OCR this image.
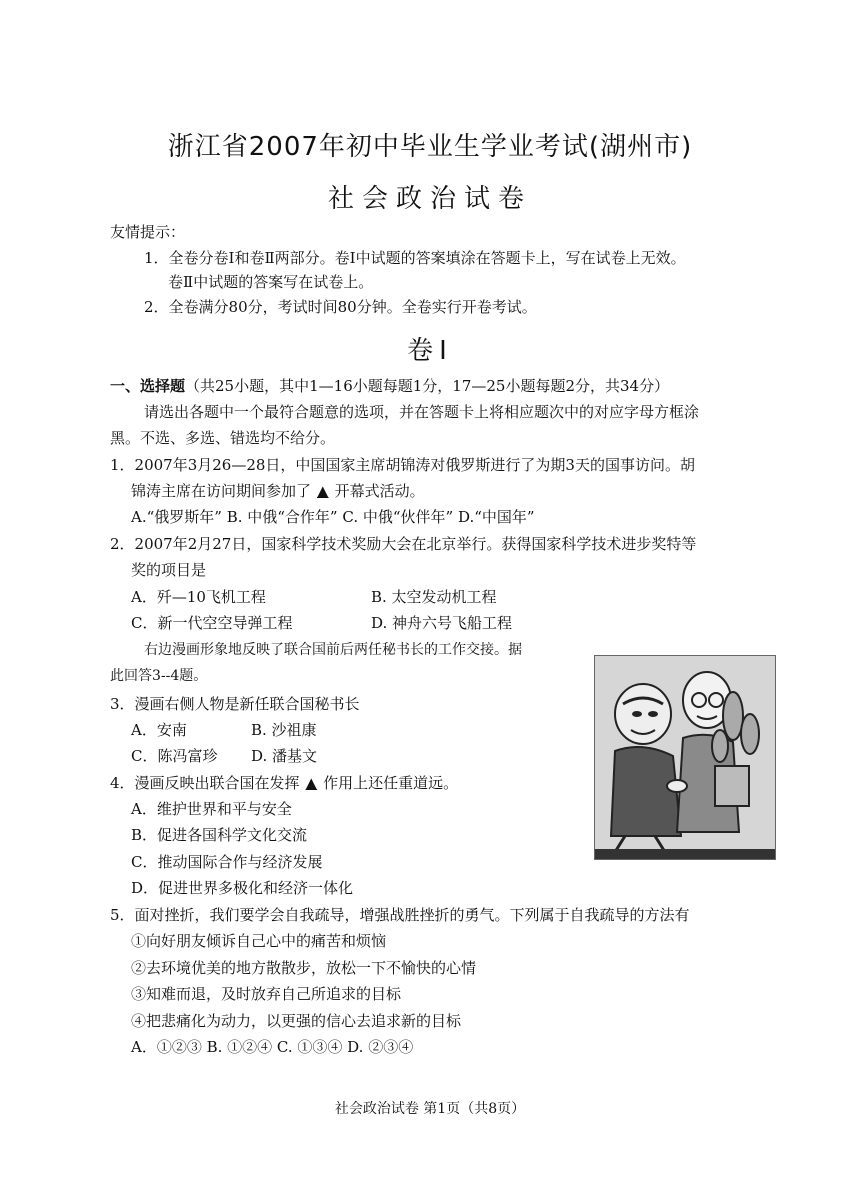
浙江省2007年初中毕业生学业考试(湖州市)
社会政治试卷
友情提示：
1．全卷分卷Ⅰ和卷Ⅱ两部分。卷Ⅰ中试题的答案填涂在答题卡上，写在试卷上无效。
卷Ⅱ中试题的答案写在试卷上。
2．全卷满分80分，考试时间80分钟。全卷实行开卷考试。
卷Ⅰ
一、选择题（共25小题，其中1—16小题每题1分，17—25小题每题2分，共34分）
请选出各题中一个最符合题意的选项，并在答题卡上将相应题次中的对应字母方框涂
黑。不选、多选、错选均不给分。
1．2007年3月26—28日，中国国家主席胡锦涛对俄罗斯进行了为期3天的国事访问。胡
锦涛主席在访问期间参加了 ▲ 开幕式活动。
A.“俄罗斯年” B. 中俄“合作年” C. 中俄“伙伴年” D.“中国年”
2．2007年2月27日，国家科学技术奖励大会在北京举行。获得国家科学技术进步奖特等
奖的项目是
A．歼—10飞机工程	B. 太空发动机工程
C．新一代空空导弹工程	D. 神舟六号飞船工程
右边漫画形象地反映了联合国前后两任秘书长的工作交接。据
此回答3--4题。
3．漫画右侧人物是新任联合国秘书长
A．安南	B. 沙祖康
C．陈冯富珍 D. 潘基文
4．漫画反映出联合国在发挥 ▲ 作用上还任重道远。
A．维护世界和平与安全
B．促进各国科学文化交流
C．推动国际合作与经济发展
D．促进世界多极化和经济一体化
5．面对挫折，我们要学会自我疏导，增强战胜挫折的勇气。下列属于自我疏导的方法有
①向好朋友倾诉自己心中的痛苦和烦恼
②去环境优美的地方散散步，放松一下不愉快的心情
③知难而退，及时放弃自己所追求的目标
④把悲痛化为动力，以更强的信心去追求新的目标
A．①②③ B. ①②④ C. ①③④ D. ②③④
社会政治试卷 第1页（共8页）
